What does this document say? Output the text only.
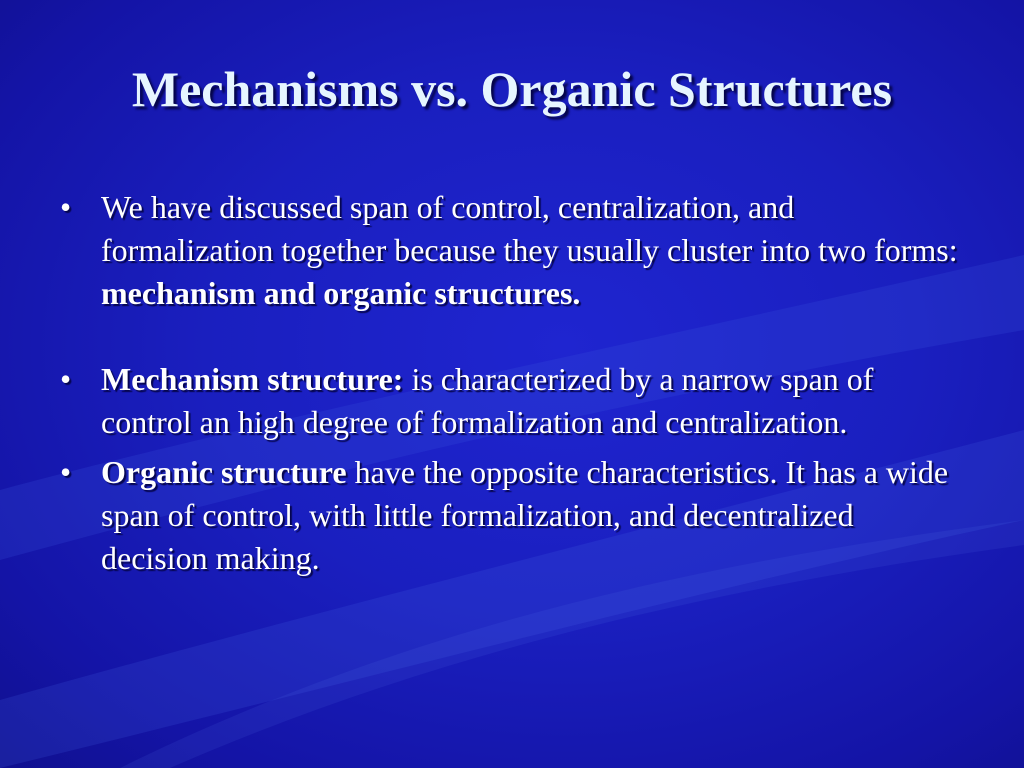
Mechanisms vs. Organic Structures
• We have discussed span of control, centralization, and formalization together because they usually cluster into two forms: mechanism and organic structures.
• Mechanism structure: is characterized by a narrow span of control an high degree of formalization and centralization.
• Organic structure have the opposite characteristics. It has a wide span of control, with little formalization, and decentralized decision making.
